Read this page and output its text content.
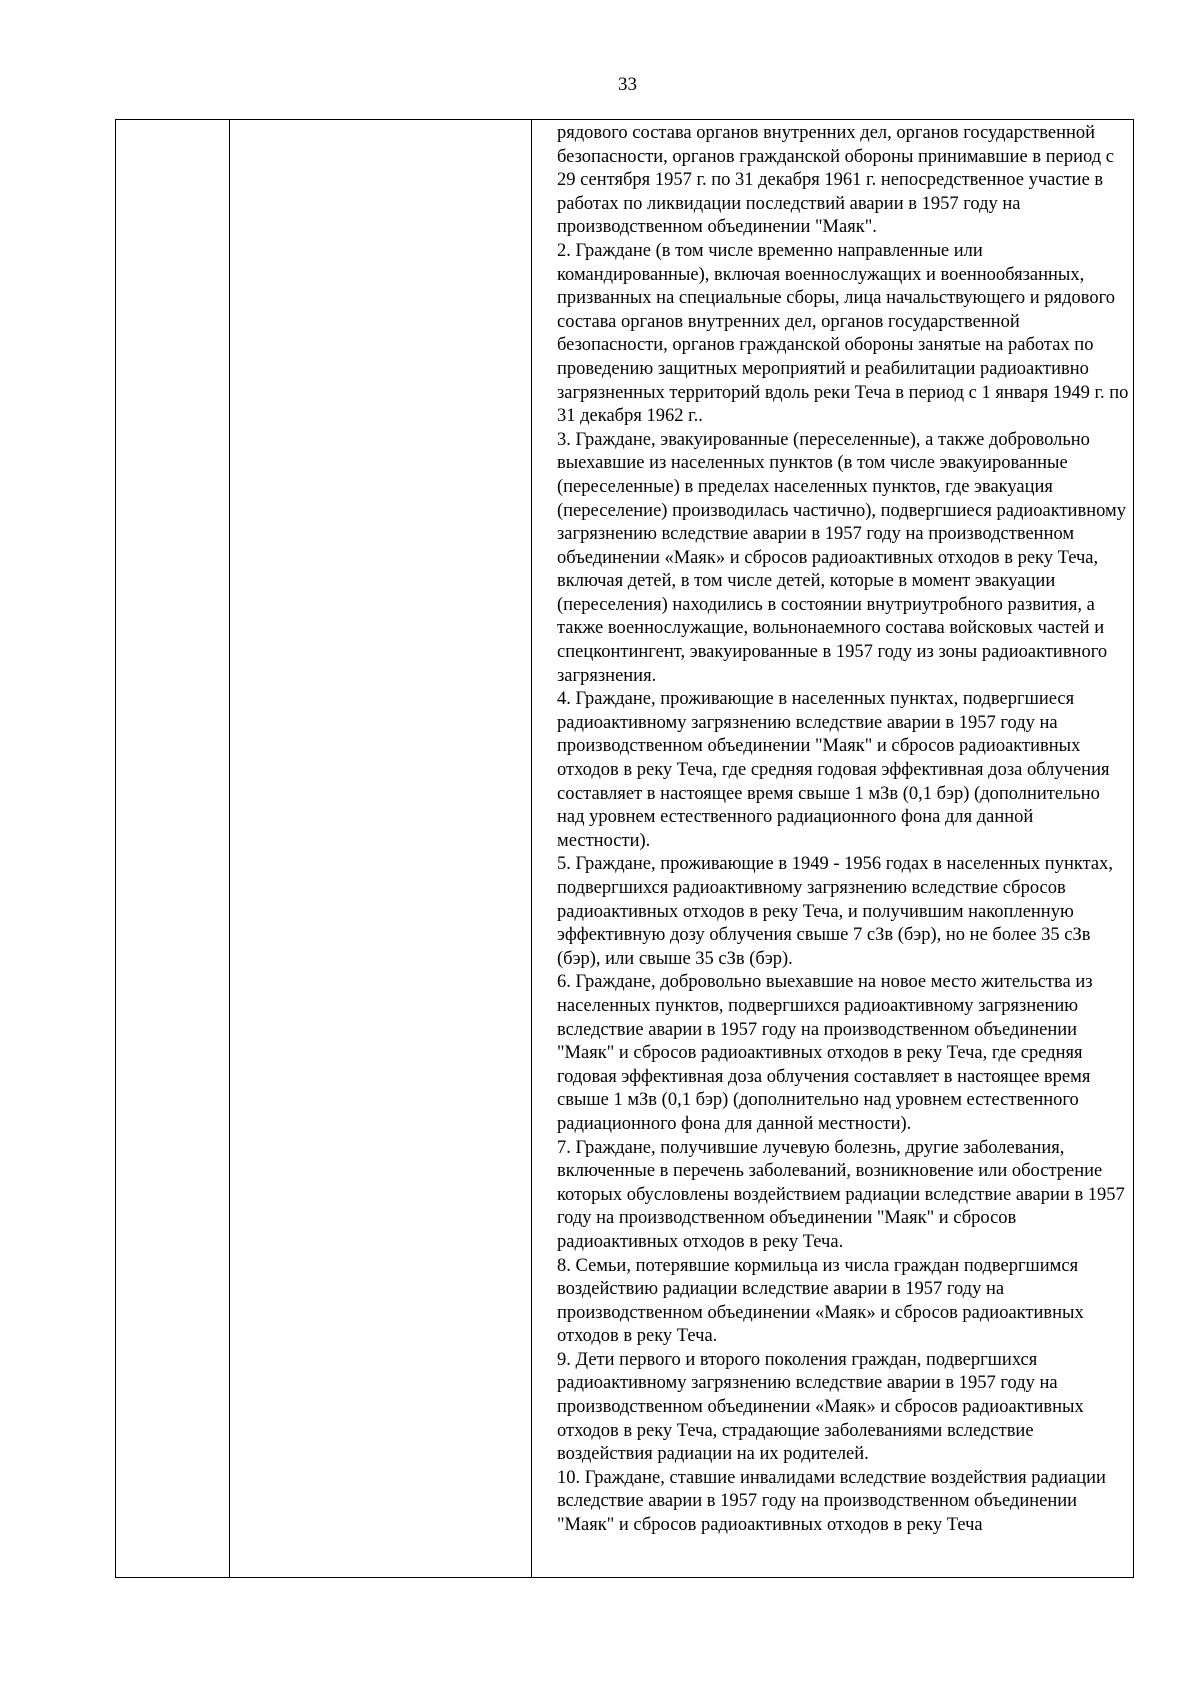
33

рядового состава органов внутренних дел, органов государственной безопасности, органов гражданской обороны принимавшие в период с 29 сентября 1957 г. по 31 декабря 1961 г. непосредственное участие в работах по ликвидации последствий аварии в 1957 году на производственном объединении "Маяк".

2. Граждане (в том числе временно направленные или командированные), включая военнослужащих и военнообязанных, призванных на специальные сборы, лица начальствующего и рядового состава органов внутренних дел, органов государственной безопасности, органов гражданской обороны занятые на работах по проведению защитных мероприятий и реабилитации радиоактивно загрязненных территорий вдоль реки Теча в период с 1 января 1949 г. по 31 декабря 1962 г..

3. Граждане, эвакуированные (переселенные), а также добровольно выехавшие из населенных пунктов (в том числе эвакуированные (переселенные) в пределах населенных пунктов, где эвакуация (переселение) производилась частично), подвергшиеся радиоактивному загрязнению вследствие аварии в 1957 году на производственном объединении «Маяк» и сбросов радиоактивных отходов в реку Теча, включая детей, в том числе детей, которые в момент эвакуации (переселения) находились в состоянии внутриутробного развития, а также военнослужащие, вольнонаемного состава войсковых частей и спецконтингент, эвакуированные в 1957 году из зоны радиоактивного загрязнения.

4. Граждане, проживающие в населенных пунктах, подвергшиеся радиоактивному загрязнению вследствие аварии в 1957 году на производственном объединении "Маяк" и сбросов радиоактивных отходов в реку Теча, где средняя годовая эффективная доза облучения составляет в настоящее время свыше 1 мЗв (0,1 бэр) (дополнительно над уровнем естественного радиационного фона для данной местности).

5. Граждане, проживающие в 1949 - 1956 годах в населенных пунктах, подвергшихся радиоактивному загрязнению вследствие сбросов радиоактивных отходов в реку Теча, и получившим накопленную эффективную дозу облучения свыше 7 сЗв (бэр), но не более 35 сЗв (бэр), или свыше 35 сЗв (бэр).

6. Граждане, добровольно выехавшие на новое место жительства из населенных пунктов, подвергшихся радиоактивному загрязнению вследствие аварии в 1957 году на производственном объединении "Маяк" и сбросов радиоактивных отходов в реку Теча, где средняя годовая эффективная доза облучения составляет в настоящее время свыше 1 мЗв (0,1 бэр) (дополнительно над уровнем естественного радиационного фона для данной местности).

7. Граждане, получившие лучевую болезнь, другие заболевания, включенные в перечень заболеваний, возникновение или обострение которых обусловлены воздействием радиации вследствие аварии в 1957 году на производственном объединении "Маяк" и сбросов радиоактивных отходов в реку Теча.

8. Семьи, потерявшие кормильца из числа граждан подвергшимся воздействию радиации вследствие аварии в 1957 году на производственном объединении «Маяк» и сбросов радиоактивных отходов в реку Теча.

9. Дети первого и второго поколения граждан, подвергшихся радиоактивному загрязнению вследствие аварии в 1957 году на производственном объединении «Маяк» и сбросов радиоактивных отходов в реку Теча, страдающие заболеваниями вследствие воздействия радиации на их родителей.

10. Граждане, ставшие инвалидами вследствие воздействия радиации вследствие аварии в 1957 году на производственном объединении "Маяк" и сбросов радиоактивных отходов в реку Теча
